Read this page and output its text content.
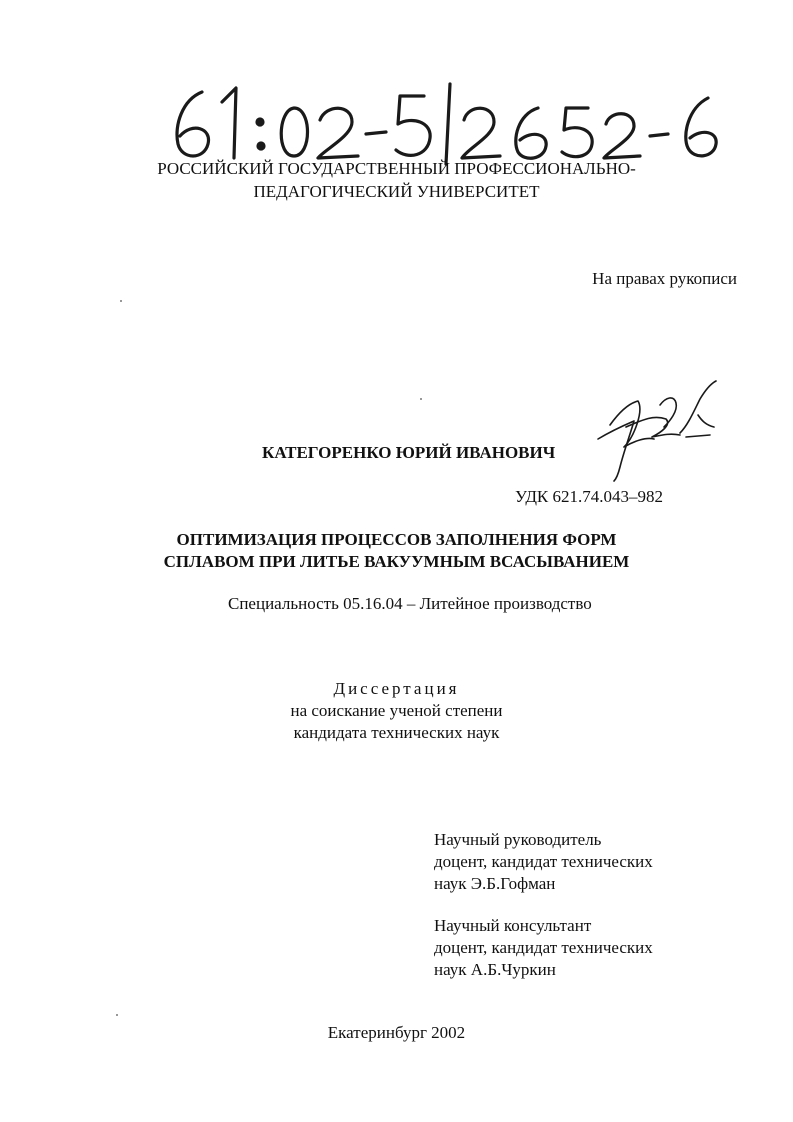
РОССИЙСКИЙ ГОСУДАРСТВЕННЫЙ ПРОФЕССИОНАЛЬНО-
ПЕДАГОГИЧЕСКИЙ УНИВЕРСИТЕТ
На правах рукописи
КАТЕГОРЕНКО ЮРИЙ ИВАНОВИЧ
УДК 621.74.043–982
ОПТИМИЗАЦИЯ ПРОЦЕССОВ ЗАПОЛНЕНИЯ ФОРМ
СПЛАВОМ ПРИ ЛИТЬЕ ВАКУУМНЫМ ВСАСЫВАНИЕМ
Специальность 05.16.04 – Литейное производство
Диссертация
на соискание ученой степени
кандидата технических наук
Научный руководитель
доцент, кандидат технических
наук Э.Б.Гофман
Научный консультант
доцент, кандидат технических
наук А.Б.Чуркин
Екатеринбург 2002
